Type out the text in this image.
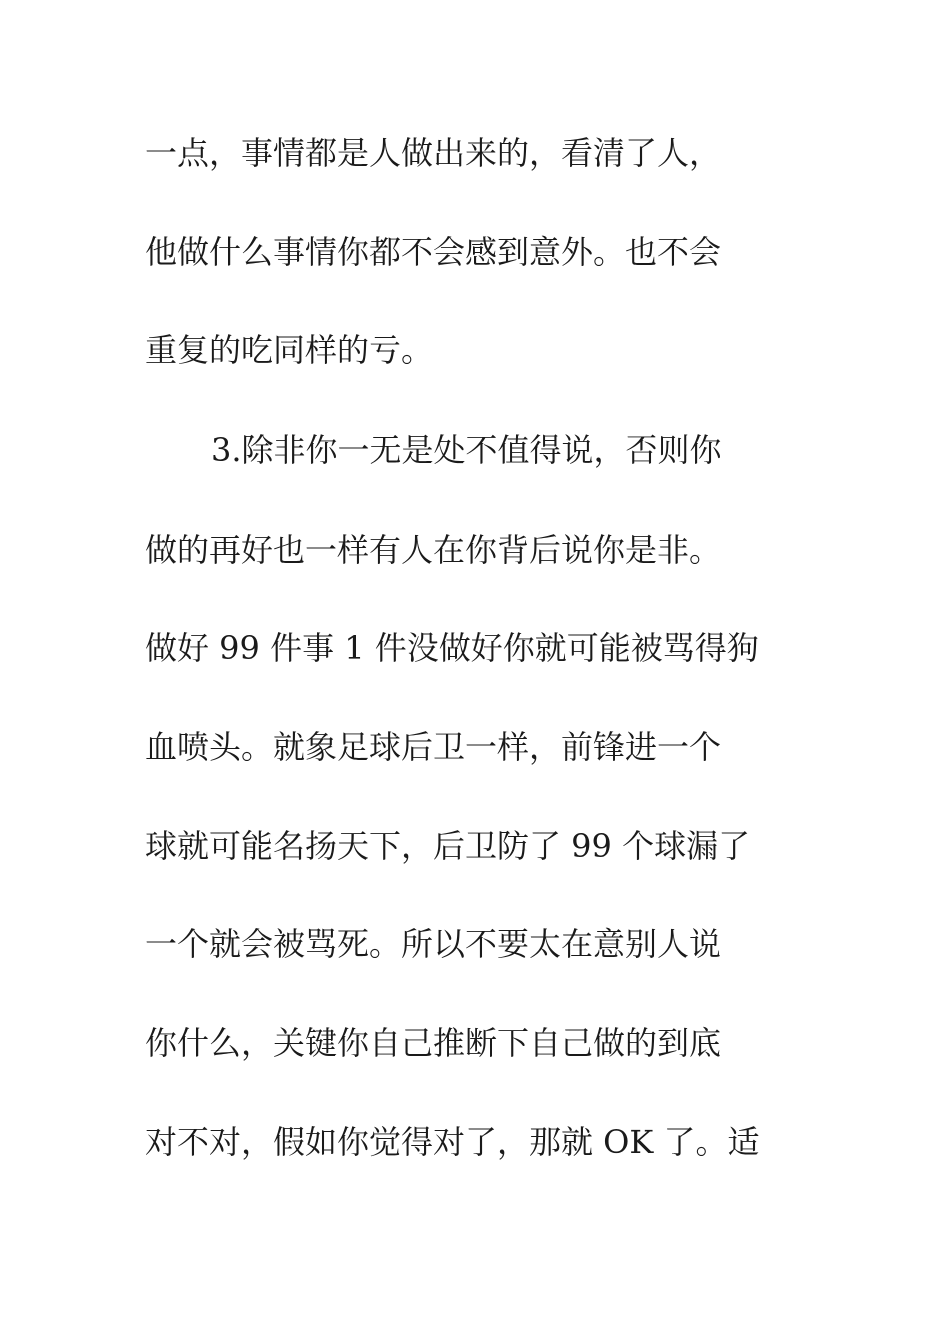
一点，事情都是人做出来的，看清了人，
他做什么事情你都不会感到意外。也不会
重复的吃同样的亏。
3.除非你一无是处不值得说，否则你
做的再好也一样有人在你背后说你是非。
做好 99 件事 1 件没做好你就可能被骂得狗
血喷头。就象足球后卫一样，前锋进一个
球就可能名扬天下，后卫防了 99 个球漏了
一个就会被骂死。所以不要太在意别人说
你什么，关键你自己推断下自己做的到底
对不对，假如你觉得对了，那就 OK 了。适
